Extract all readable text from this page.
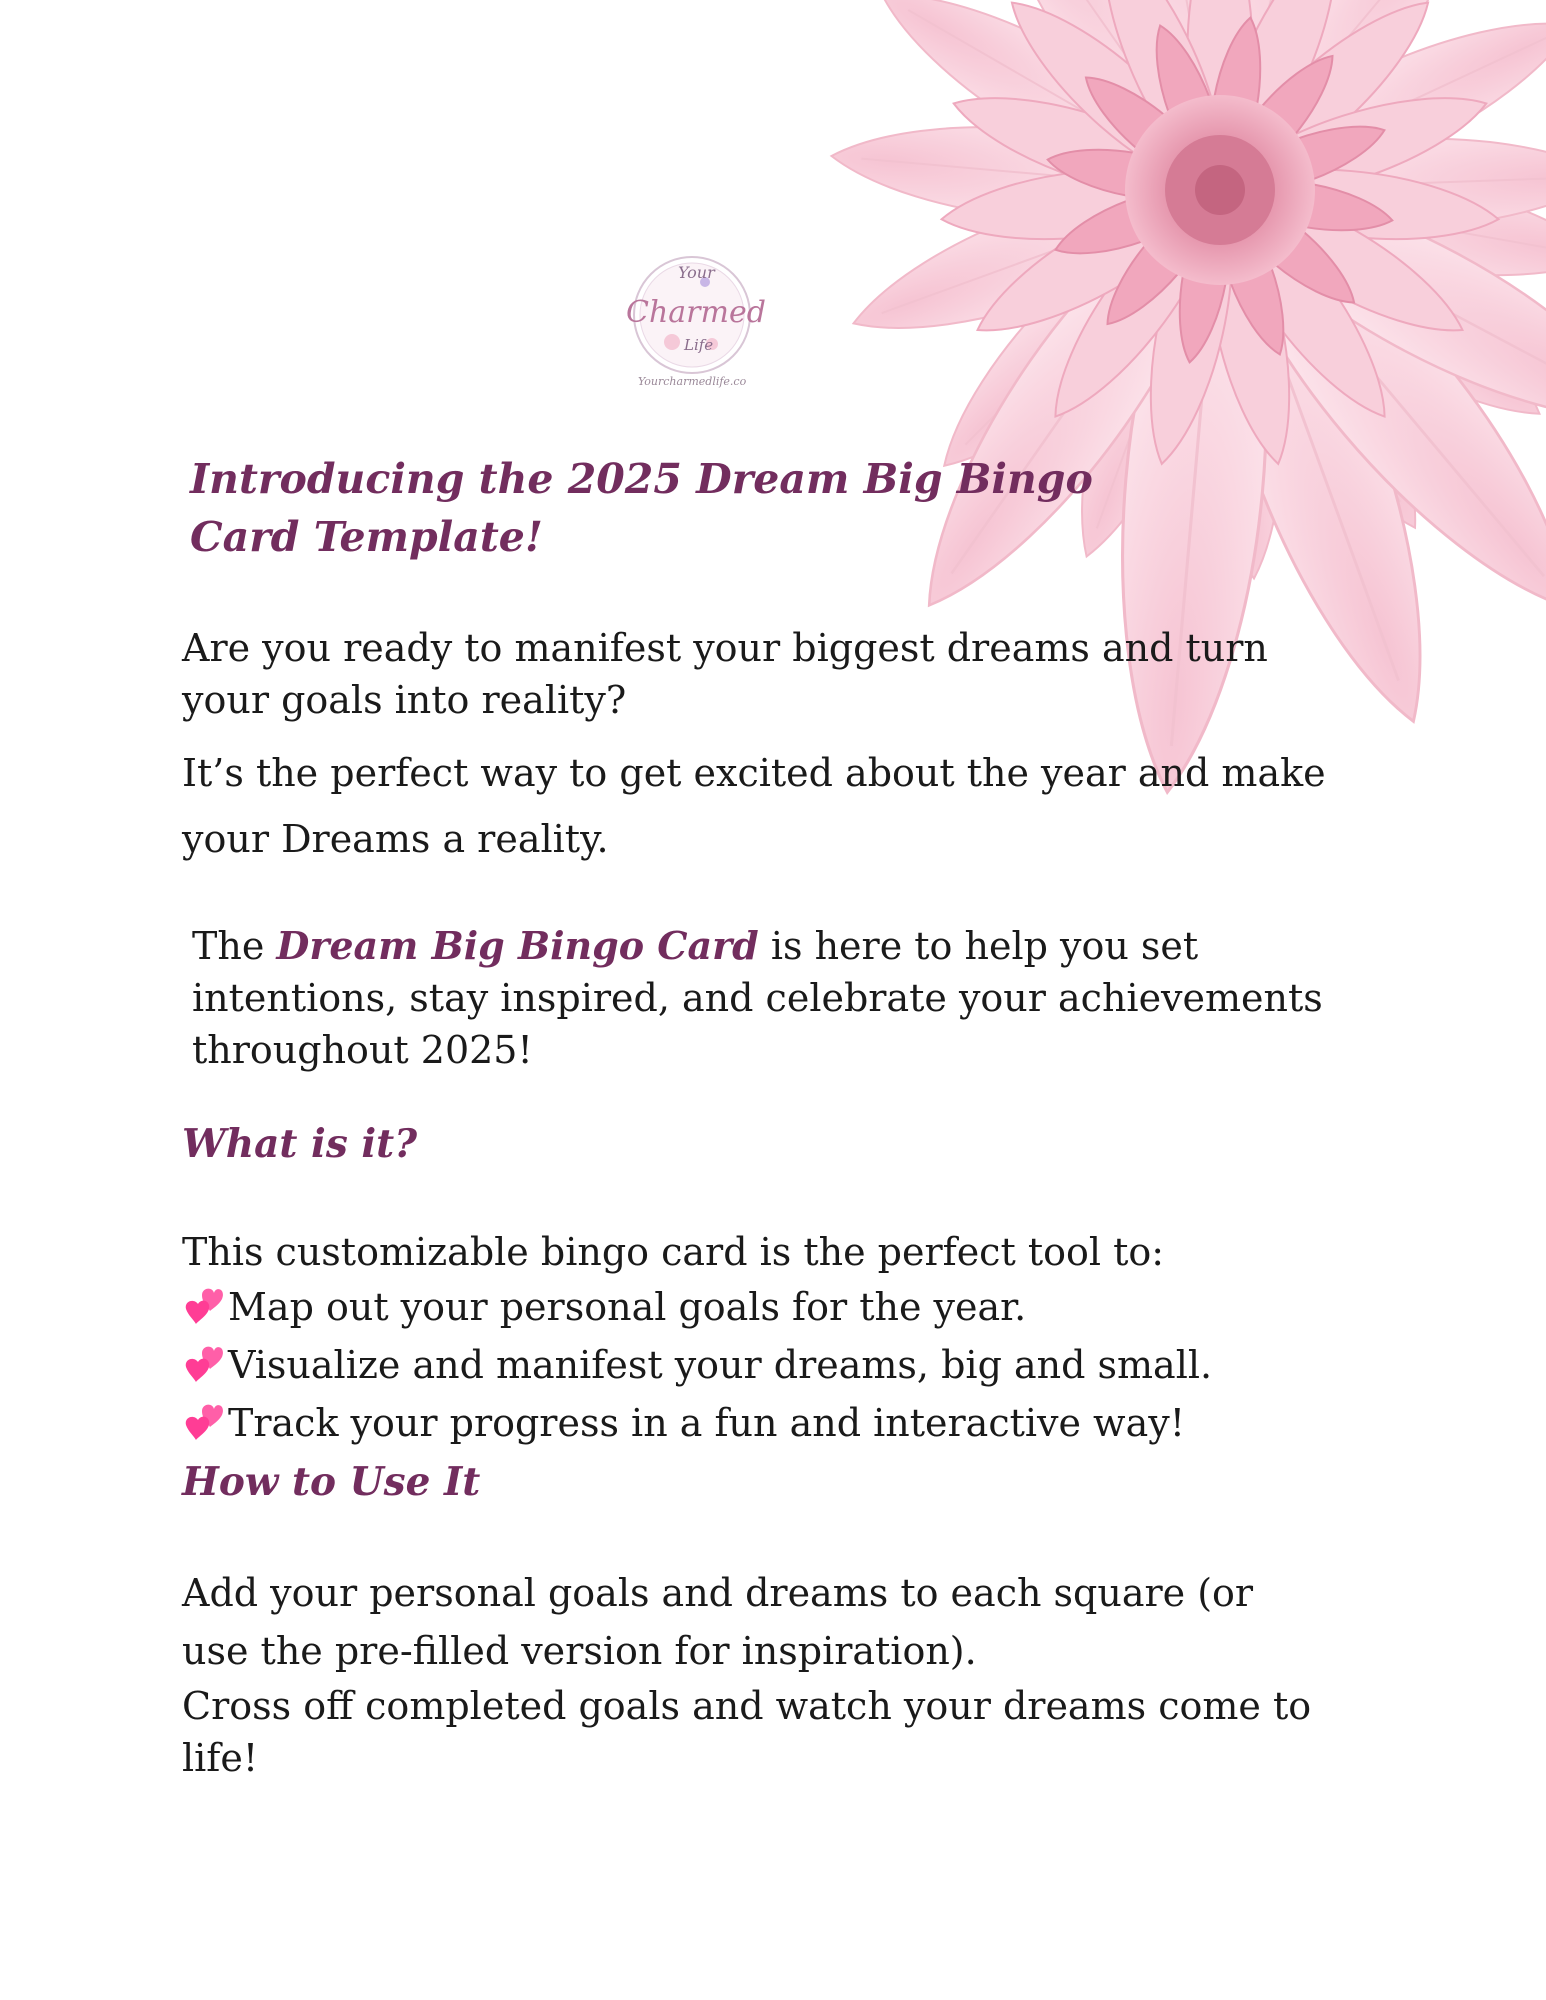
Your
Charmed
Life
Yourcharmedlife.co
Introducing the 2025 Dream Big Bingo Card Template!

Are you ready to manifest your biggest dreams and turn your goals into reality?

It’s the perfect way to get excited about the year and make your Dreams a reality.

The Dream Big Bingo Card is here to help you set intentions, stay inspired, and celebrate your achievements throughout 2025!

What is it?

This customizable bingo card is the perfect tool to:

Map out your personal goals for the year.
Visualize and manifest your dreams, big and small.
Track your progress in a fun and interactive way!
How to Use It

Add your personal goals and dreams to each square (or use the pre-filled version for inspiration).

Cross off completed goals and watch your dreams come to life!
